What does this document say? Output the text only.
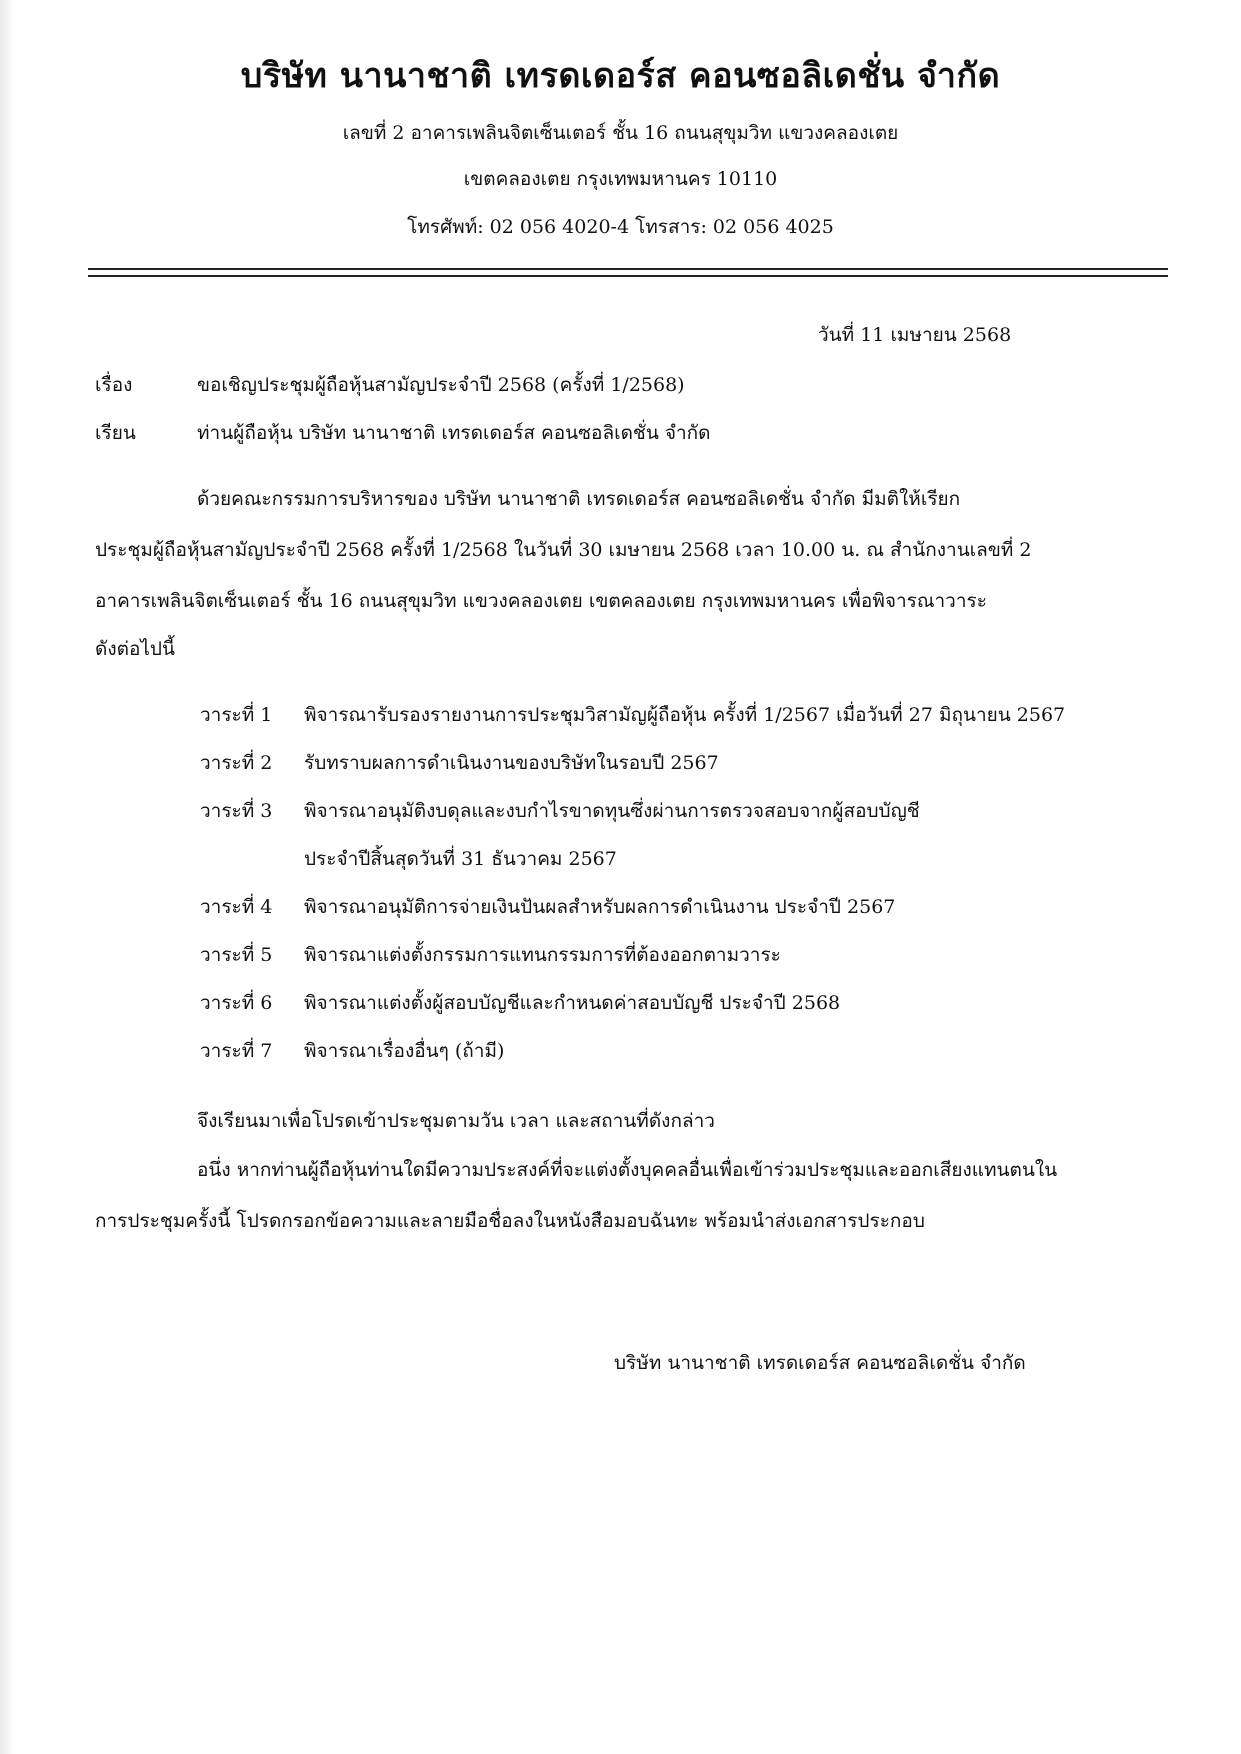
บริษัท นานาชาติ เทรดเดอร์ส คอนซอลิเดชั่น จำกัด
เลขที่ 2 อาคารเพลินจิตเซ็นเตอร์ ชั้น 16 ถนนสุขุมวิท แขวงคลองเตย
เขตคลองเตย กรุงเทพมหานคร 10110
โทรศัพท์: 02 056 4020-4 โทรสาร: 02 056 4025
วันที่ 11 เมษายน 2568
เรื่อง	ขอเชิญประชุมผู้ถือหุ้นสามัญประจำปี 2568 (ครั้งที่ 1/2568)
เรียน	ท่านผู้ถือหุ้น บริษัท นานาชาติ เทรดเดอร์ส คอนซอลิเดชั่น จำกัด
ด้วยคณะกรรมการบริหารของ บริษัท นานาชาติ เทรดเดอร์ส คอนซอลิเดชั่น จำกัด มีมติให้เรียก
ประชุมผู้ถือหุ้นสามัญประจำปี 2568 ครั้งที่ 1/2568 ในวันที่ 30 เมษายน 2568 เวลา 10.00 น. ณ สำนักงานเลขที่ 2
อาคารเพลินจิตเซ็นเตอร์ ชั้น 16 ถนนสุขุมวิท แขวงคลองเตย เขตคลองเตย กรุงเทพมหานคร เพื่อพิจารณาวาระ
ดังต่อไปนี้
วาระที่ 1 พิจารณารับรองรายงานการประชุมวิสามัญผู้ถือหุ้น ครั้งที่ 1/2567 เมื่อวันที่ 27 มิถุนายน 2567
วาระที่ 2 รับทราบผลการดำเนินงานของบริษัทในรอบปี 2567
วาระที่ 3 พิจารณาอนุมัติงบดุลและงบกำไรขาดทุนซึ่งผ่านการตรวจสอบจากผู้สอบบัญชี
ประจำปีสิ้นสุดวันที่ 31 ธันวาคม 2567
วาระที่ 4 พิจารณาอนุมัติการจ่ายเงินปันผลสำหรับผลการดำเนินงาน ประจำปี 2567
วาระที่ 5 พิจารณาแต่งตั้งกรรมการแทนกรรมการที่ต้องออกตามวาระ
วาระที่ 6 พิจารณาแต่งตั้งผู้สอบบัญชีและกำหนดค่าสอบบัญชี ประจำปี 2568
วาระที่ 7 พิจารณาเรื่องอื่นๆ (ถ้ามี)
จึงเรียนมาเพื่อโปรดเข้าประชุมตามวัน เวลา และสถานที่ดังกล่าว
อนึ่ง หากท่านผู้ถือหุ้นท่านใดมีความประสงค์ที่จะแต่งตั้งบุคคลอื่นเพื่อเข้าร่วมประชุมและออกเสียงแทนตนใน
การประชุมครั้งนี้ โปรดกรอกข้อความและลายมือชื่อลงในหนังสือมอบฉันทะ พร้อมนำส่งเอกสารประกอบ
บริษัท นานาชาติ เทรดเดอร์ส คอนซอลิเดชั่น จำกัด
